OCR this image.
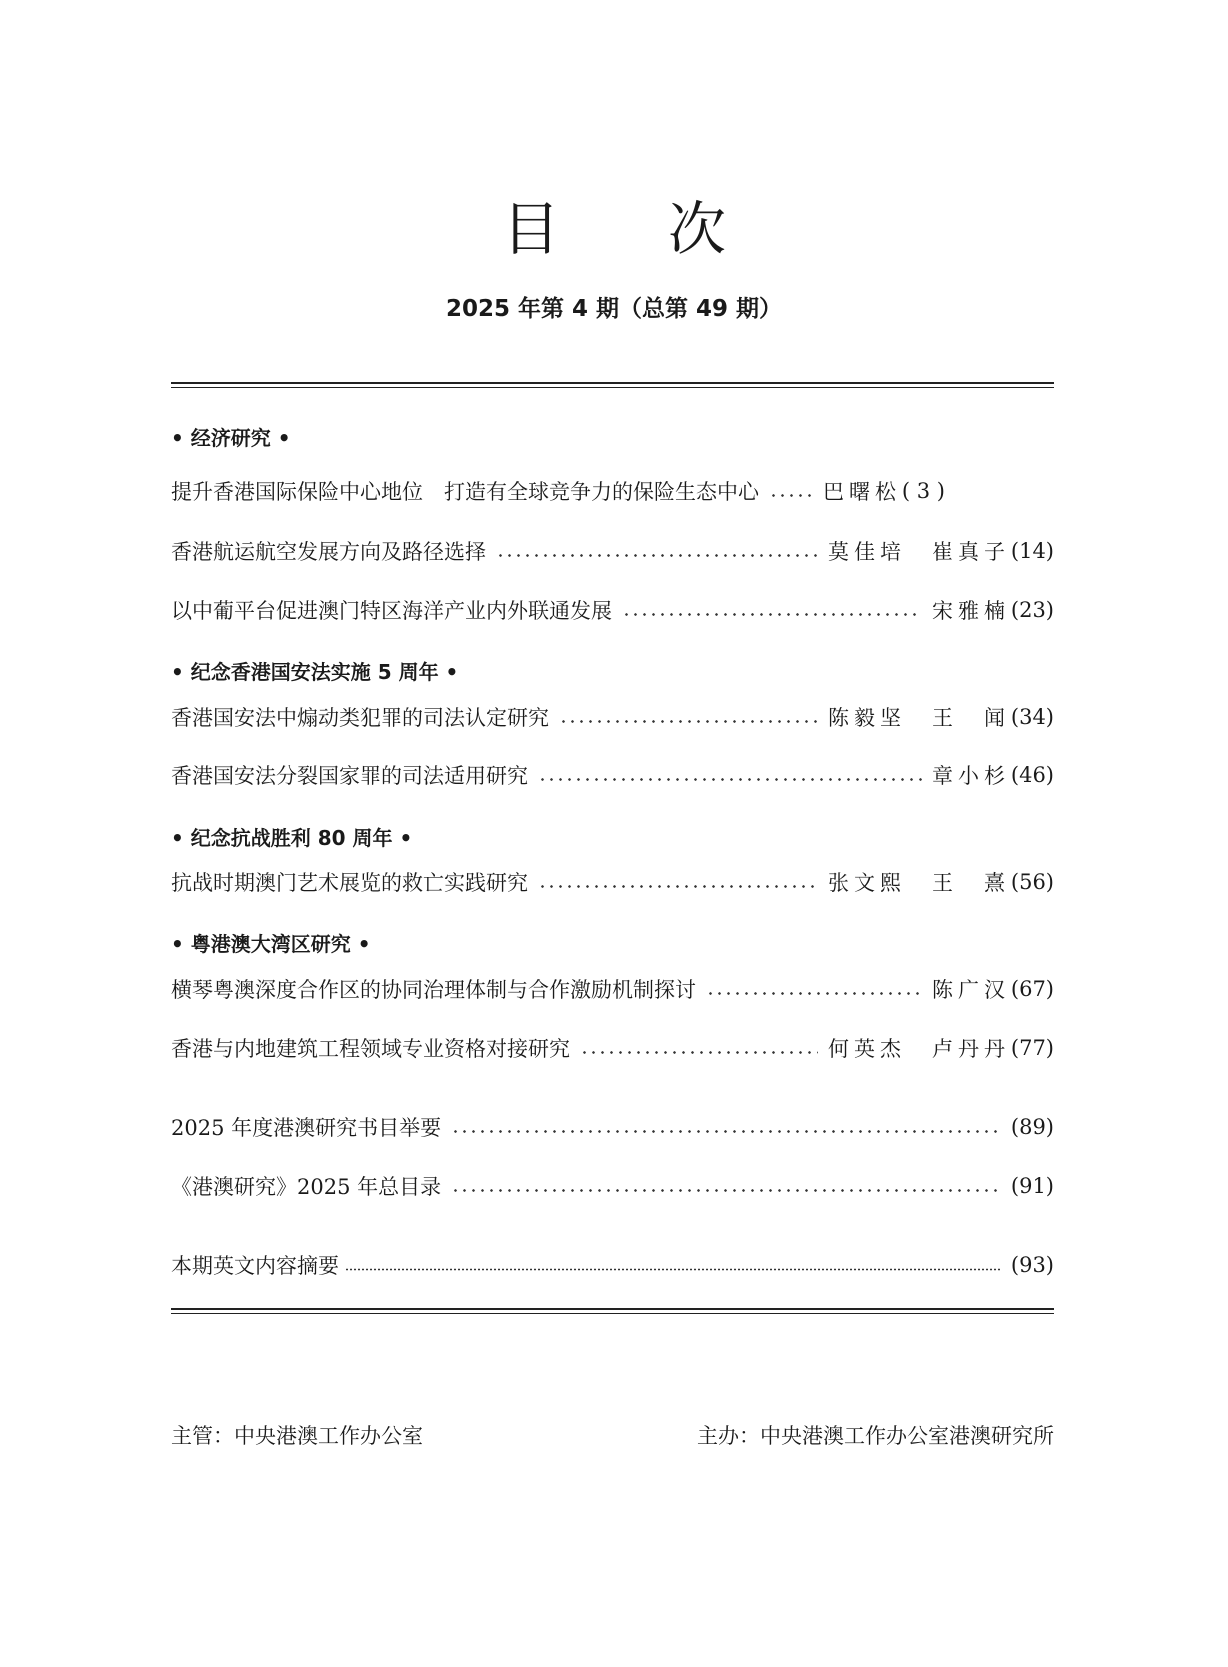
目次
2025 年第 4 期（总第 49 期）
• 经济研究 •
提升香港国际保险中心地位　打造有全球竞争力的保险生态中心	巴曙松 ( 3 )
香港航运航空发展方向及路径选择	莫佳培 崔真子 (14)
以中葡平台促进澳门特区海洋产业内外联通发展	宋雅楠 (23)
• 纪念香港国安法实施 5 周年 •
香港国安法中煽动类犯罪的司法认定研究	陈毅坚 王　闻 (34)
香港国安法分裂国家罪的司法适用研究	章小杉 (46)
• 纪念抗战胜利 80 周年 •
抗战时期澳门艺术展览的救亡实践研究	张文熙 王　熹 (56)
• 粤港澳大湾区研究 •
横琴粤澳深度合作区的协同治理体制与合作激励机制探讨	陈广汉 (67)
香港与内地建筑工程领域专业资格对接研究	何英杰 卢丹丹 (77)
2025 年度港澳研究书目举要	(89)
《港澳研究》2025 年总目录	(91)
本期英文内容摘要	(93)
主管：中央港澳工作办公室	主办：中央港澳工作办公室港澳研究所
